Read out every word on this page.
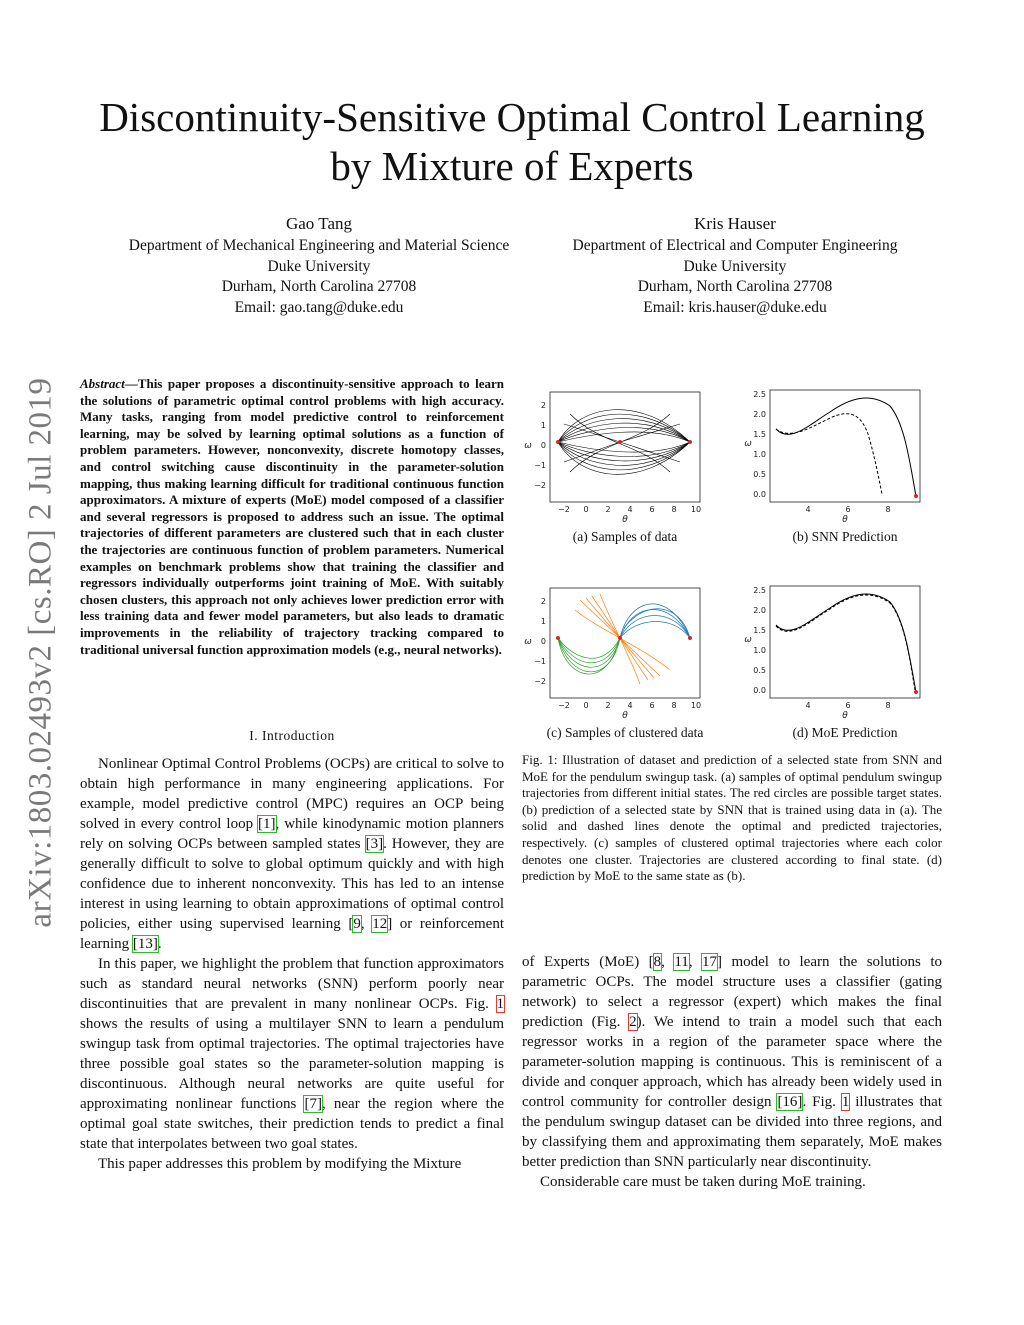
arXiv:1803.02493v2 [cs.RO] 2 Jul 2019
Discontinuity-Sensitive Optimal Control Learning
by Mixture of Experts
Gao Tang
Department of Mechanical Engineering and Material Science
Duke University
Durham, North Carolina 27708
Email: gao.tang@duke.edu
Kris Hauser
Department of Electrical and Computer Engineering
Duke University
Durham, North Carolina 27708
Email: kris.hauser@duke.edu

Abstract—This paper proposes a discontinuity-sensitive approach to learn the solutions of parametric optimal control problems with high accuracy. Many tasks, ranging from model predictive control to reinforcement learning, may be solved by learning optimal solutions as a function of problem parameters. However, nonconvexity, discrete homotopy classes, and control switching cause discontinuity in the parameter-solution mapping, thus making learning difficult for traditional continuous function approximators. A mixture of experts (MoE) model composed of a classifier and several regressors is proposed to address such an issue. The optimal trajectories of different parameters are clustered such that in each cluster the trajectories are continuous function of problem parameters. Numerical examples on benchmark problems show that training the classifier and regressors individually outperforms joint training of MoE. With suitably chosen clusters, this approach not only achieves lower prediction error with less training data and fewer model parameters, but also leads to dramatic improvements in the reliability of trajectory tracking compared to traditional universal function approximation models (e.g., neural networks).

I. Introduction

Nonlinear Optimal Control Problems (OCPs) are critical to solve to obtain high performance in many engineering applications. For example, model predictive control (MPC) requires an OCP being solved in every control loop [1], while kinodynamic motion planners rely on solving OCPs between sampled states [3]. However, they are generally difficult to solve to global optimum quickly and with high confidence due to inherent nonconvexity. This has led to an intense interest in using learning to obtain approximations of optimal control policies, either using supervised learning [9, 12] or reinforcement learning [13].

In this paper, we highlight the problem that function approximators such as standard neural networks (SNN) perform poorly near discontinuities that are prevalent in many nonlinear OCPs. Fig. 1 shows the results of using a multilayer SNN to learn a pendulum swingup task from optimal trajectories. The optimal trajectories have three possible goal states so the parameter-solution mapping is discontinuous. Although neural networks are quite useful for approximating nonlinear functions [7], near the region where the optimal goal state switches, their prediction tends to predict a final state that interpolates between two goal states.

This paper addresses this problem by modifying the Mixture

of Experts (MoE) [8, 11, 17] model to learn the solutions to parametric OCPs. The model structure uses a classifier (gating network) to select a regressor (expert) which makes the final prediction (Fig. 2). We intend to train a model such that each regressor works in a region of the parameter space where the parameter-solution mapping is continuous. This is reminiscent of a divide and conquer approach, which has already been widely used in control community for controller design [16]. Fig. 1 illustrates that the pendulum swingup dataset can be divided into three regions, and by classifying them and approximating them separately, MoE makes better prediction than SNN particularly near discontinuity.

Considerable care must be taken during MoE training.

−2 0 2 4 6 8 10
2
1
0
−1
−2
θ
ω
(a) Samples of data
4	6	8
2.5
2.0
1.5
1.0
0.5
0.0
θ
ω
(b) SNN Prediction
−2 0 2 4 6 8 10
2
1
0
−1
−2
θ
ω
(c) Samples of clustered data
4	6	8
2.5
2.0
1.5
1.0
0.5
0.0
θ
ω
(d) MoE Prediction
Fig. 1: Illustration of dataset and prediction of a selected state from SNN and MoE for the pendulum swingup task. (a) samples of optimal pendulum swingup trajectories from different initial states. The red circles are possible target states. (b) prediction of a selected state by SNN that is trained using data in (a). The solid and dashed lines denote the optimal and predicted trajectories, respectively. (c) samples of clustered optimal trajectories where each color denotes one cluster. Trajectories are clustered according to final state. (d) prediction by MoE to the same state as (b).
